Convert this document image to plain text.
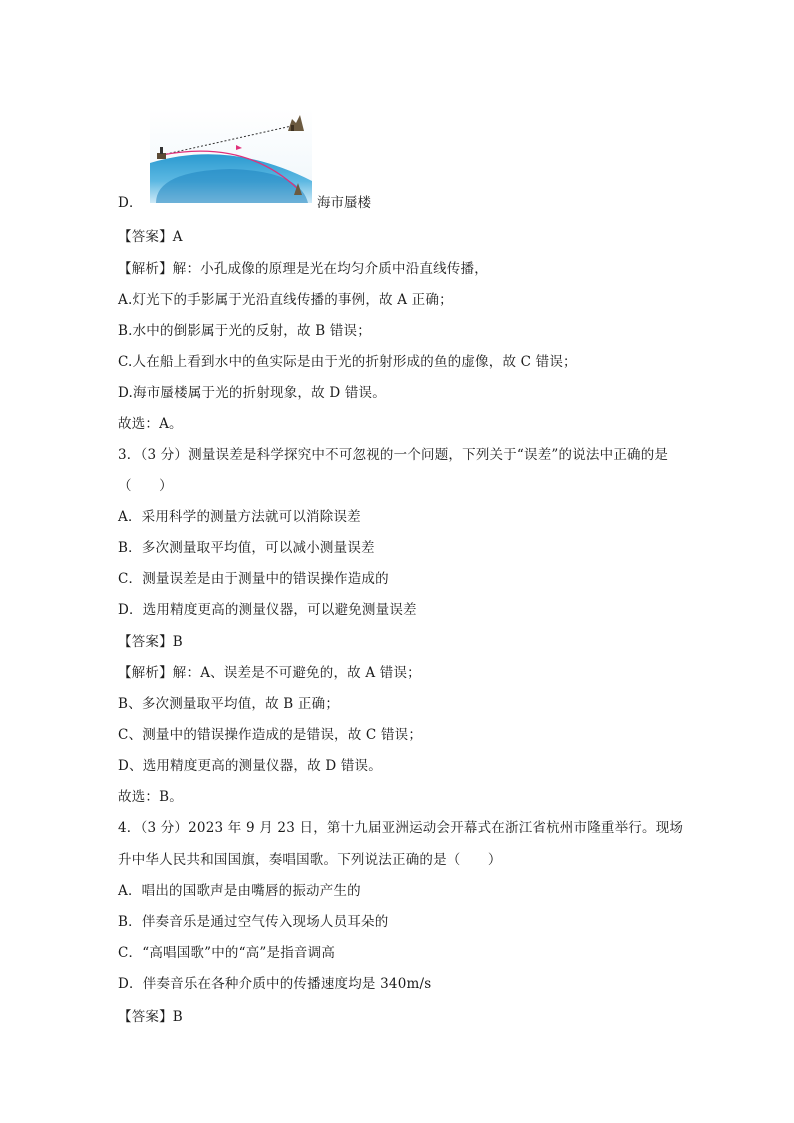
D．	海市蜃楼
【答案】A
【解析】解：小孔成像的原理是光在均匀介质中沿直线传播，
A.灯光下的手影属于光沿直线传播的事例，故 A 正确；
B.水中的倒影属于光的反射，故 B 错误；
C.人在船上看到水中的鱼实际是由于光的折射形成的鱼的虚像，故 C 错误；
D.海市蜃楼属于光的折射现象，故 D 错误。
故选：A。
3．（3 分）测量误差是科学探究中不可忽视的一个问题，下列关于“误差”的说法中正确的是
（　　）
A．采用科学的测量方法就可以消除误差
B．多次测量取平均值，可以减小测量误差
C．测量误差是由于测量中的错误操作造成的
D．选用精度更高的测量仪器，可以避免测量误差
【答案】B
【解析】解：A、误差是不可避免的，故 A 错误；
B、多次测量取平均值，故 B 正确；
C、测量中的错误操作造成的是错误，故 C 错误；
D、选用精度更高的测量仪器，故 D 错误。
故选：B。
4．（3 分）2023 年 9 月 23 日，第十九届亚洲运动会开幕式在浙江省杭州市隆重举行。现场
升中华人民共和国国旗，奏唱国歌。下列说法正确的是（　　）
A．唱出的国歌声是由嘴唇的振动产生的
B．伴奏音乐是通过空气传入现场人员耳朵的
C．“高唱国歌”中的“高”是指音调高
D．伴奏音乐在各种介质中的传播速度均是 340m/s
【答案】B
